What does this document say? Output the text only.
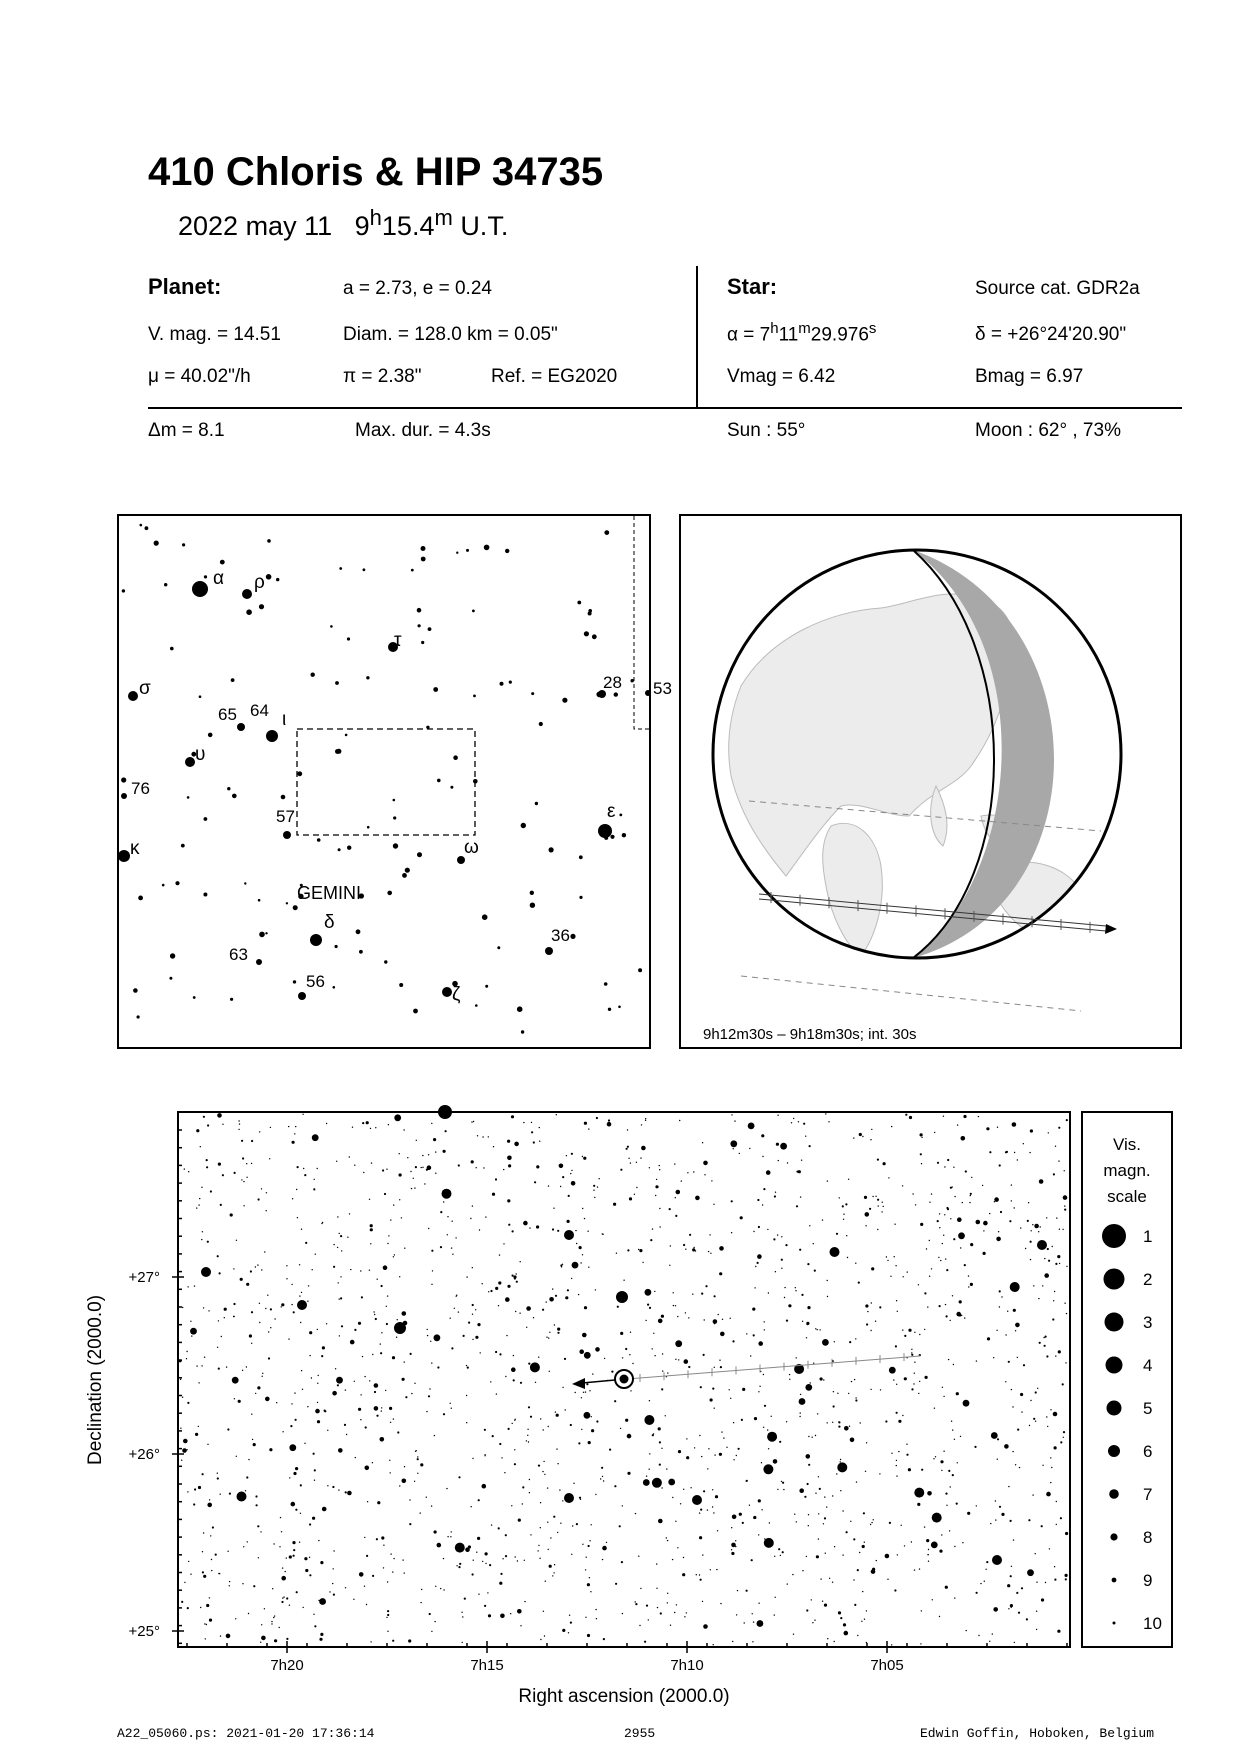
410 Chloris & HIP 34735
2022 may 11 9$^h$15.4$^m$ U.T.
Planet:	a = 2.73, e = 0.24
V. mag. = 14.51	Diam. = 128.0 km = 0.05"
μ = 40.02"/h	π = 2.38"	Ref. = EG2020
Star:	Source cat. GDR2a
$\alpha = 7^h11^m29.976^s$	δ = +26°24'20.90"
Vmag = 6.42	Bmag = 6.97
Δm = 8.1	Max. dur. = 4.3s	Sun : 55°	Moon : 62° , 73%
GEMINI
α ρ
τ
σ	28 53
65 64 ι
υ
76
57	ε
κ	ω
δ
36
63
56
ζ
9h12m30s – 9h18m30s; int. 30s
+27°
+26°
+25°
7h20	7h15	7h10	7h05
Right ascension (2000.0)
Declination (2000.0)
Vis.
magn.
scale
1
2
3
4
5
6
7
8
9
10
A22_05060.ps: 2021-01-20 17:36:14	2955	Edwin Goffin, Hoboken, Belgium
